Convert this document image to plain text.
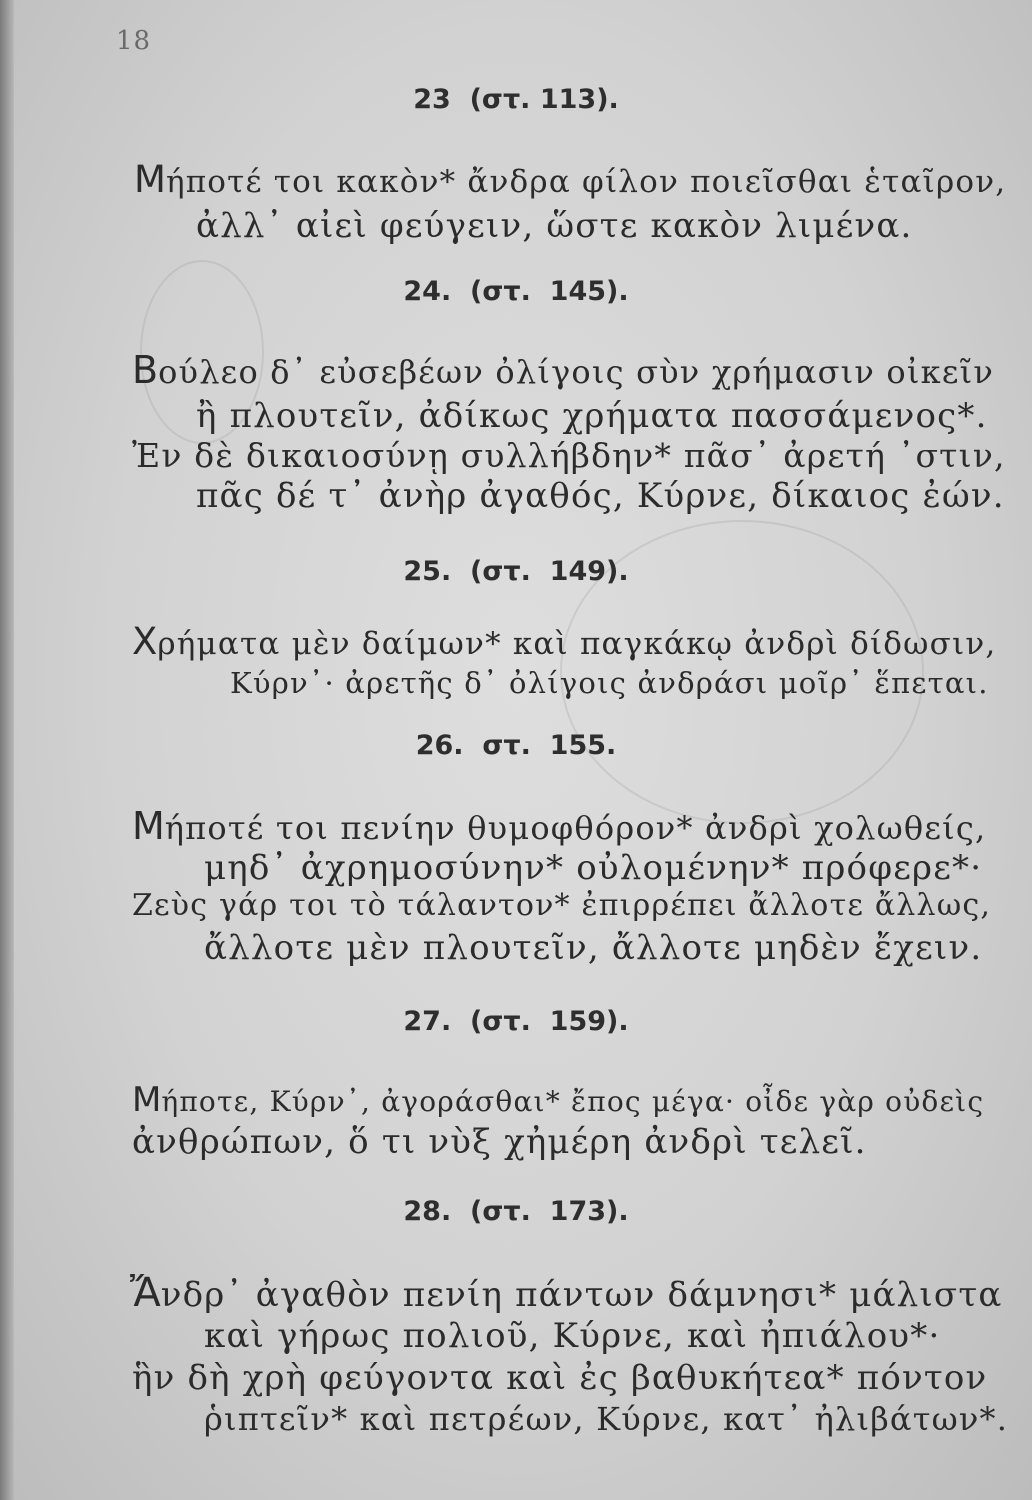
18
23  (στ. 113).
Μήποτέ τοι κακὸν* ἄνδρα φίλον ποιεῖσθαι ἑταῖρον,
ἀλλ᾽ αἰεὶ φεύγειν, ὥστε κακὸν λιμένα.
24.  (στ.  145).
Βούλεο δ᾽ εὐσεβέων ὀλίγοις σὺν χρήμασιν οἰκεῖν
ἢ πλουτεῖν, ἀδίκως χρήματα πασσάμενος*.
Ἐν δὲ δικαιοσύνῃ συλλήβδην* πᾶσ᾽ ἀρετή ᾽στιν,
πᾶς δέ τ᾽ ἀνὴρ ἀγαθός, Κύρνε, δίκαιος ἐών.
25.  (στ.  149).
Χρήματα μὲν δαίμων* καὶ παγκάκῳ ἀνδρὶ δίδωσιν,
Κύρν᾽· ἀρετῆς δ᾽ ὀλίγοις ἀνδράσι μοῖρ᾽ ἕπεται.
26.  στ.  155.
Μήποτέ τοι πενίην θυμοφθόρον* ἀνδρὶ χολωθείς,
μηδ᾽ ἀχρημοσύνην* οὐλομένην* πρόφερε*·
Ζεὺς γάρ τοι τὸ τάλαντον* ἐπιρρέπει ἄλλοτε ἄλλως,
ἄλλοτε μὲν πλουτεῖν, ἄλλοτε μηδὲν ἔχειν.
27.  (στ.  159).
Μήποτε, Κύρν᾽, ἀγοράσθαι* ἔπος μέγα· οἶδε γὰρ οὐδεὶς
ἀνθρώπων, ὅ τι νὺξ χἠμέρη ἀνδρὶ τελεῖ.
28.  (στ.  173).
Ἄνδρ᾽ ἀγαθὸν πενίη πάντων δάμνησι* μάλιστα
καὶ γήρως πολιοῦ, Κύρνε, καὶ ἠπιάλου*·
ἣν δὴ χρὴ φεύγοντα καὶ ἐς βαθυκήτεα* πόντον
ῥιπτεῖν* καὶ πετρέων, Κύρνε, κατ᾽ ἠλιβάτων*.
